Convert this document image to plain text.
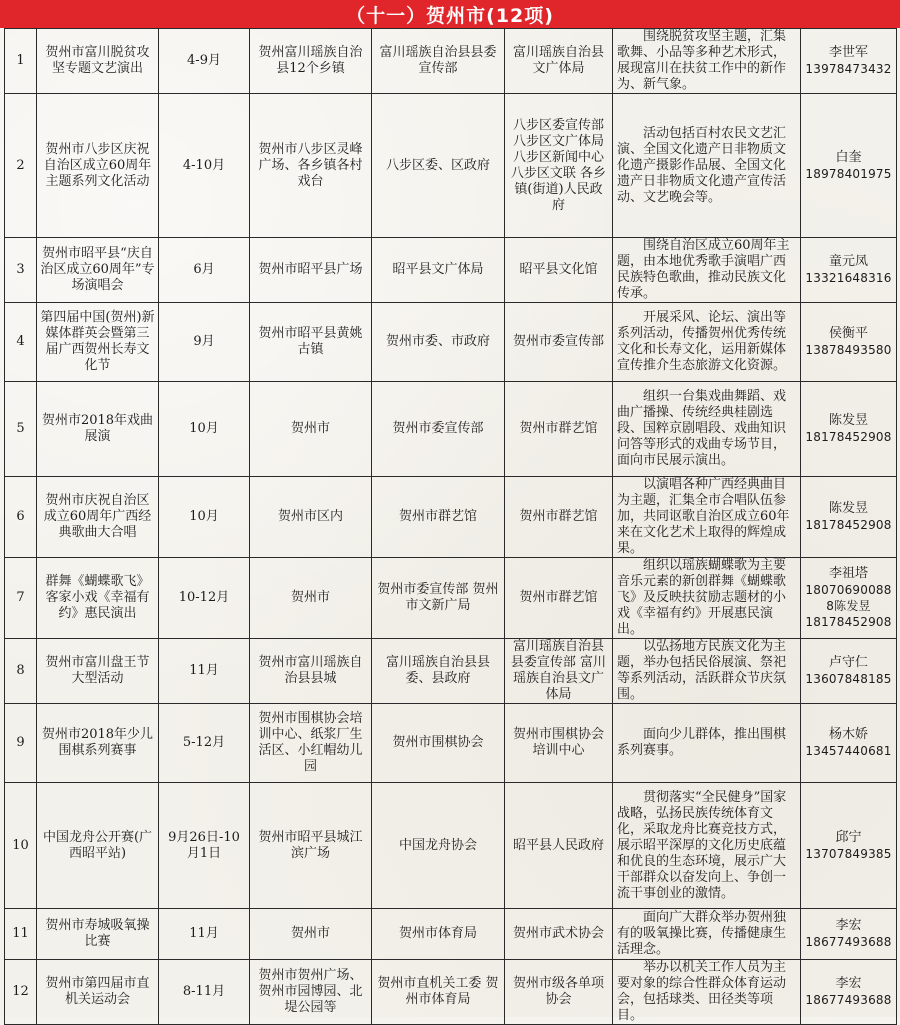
（十一）贺州市(12项)
1	贺州市富川脱贫攻坚专题文艺演出	4-9月	贺州富川瑶族自治县12个乡镇	富川瑶族自治县县委宣传部	富川瑶族自治县文广体局	围绕脱贫攻坚主题，汇集歌舞、小品等多种艺术形式，展现富川在扶贫工作中的新作为、新气象。	李世军
13978473432

2	贺州市八步区庆祝自治区成立60周年主题系列文化活动	4-10月	贺州市八步区灵峰广场、各乡镇各村戏台	八步区委、区政府	八步区委宣传部 八步区文广体局 八步区新闻中心 八步区文联 各乡镇(街道)人民政府	活动包括百村农民文艺汇演、全国文化遗产日非物质文化遗产摄影作品展、全国文化遗产日非物质文化遗产宣传活动、文艺晚会等。	白奎
18978401975

3	贺州市昭平县“庆自治区成立60周年”专场演唱会	6月	贺州市昭平县广场	昭平县文广体局	昭平县文化馆	围绕自治区成立60周年主题，由本地优秀歌手演唱广西民族特色歌曲，推动民族文化传承。	童元凤
13321648316

4	第四届中国(贺州)新媒体群英会暨第三届广西贺州长寿文化节	9月	贺州市昭平县黄姚古镇	贺州市委、市政府	贺州市委宣传部	开展采风、论坛、演出等系列活动，传播贺州优秀传统文化和长寿文化，运用新媒体宣传推介生态旅游文化资源。	侯衡平
13878493580

5	贺州市2018年戏曲展演	10月	贺州市	贺州市委宣传部	贺州市群艺馆	组织一台集戏曲舞蹈、戏曲广播操、传统经典桂剧选段、国粹京剧唱段、戏曲知识问答等形式的戏曲专场节目，面向市民展示演出。	陈发昱
18178452908

6	贺州市庆祝自治区成立60周年广西经典歌曲大合唱	10月	贺州市区内	贺州市群艺馆	贺州市群艺馆	以演唱各种广西经典曲目为主题，汇集全市合唱队伍参加，共同讴歌自治区成立60年来在文化艺术上取得的辉煌成果。	陈发昱
18178452908

7	群舞《蝴蝶歌飞》客家小戏《幸福有约》惠民演出	10-12月	贺州市	贺州市委宣传部 贺州市文新广局	贺州市群艺馆	组织以瑶族蝴蝶歌为主要音乐元素的新创群舞《蝴蝶歌飞》及反映扶贫励志题材的小戏《幸福有约》开展惠民演出。	李祖塔
18070690088
8陈发昱
18178452908

8	贺州市富川盘王节大型活动	11月	贺州市富川瑶族自治县县城	富川瑶族自治县县委、县政府	富川瑶族自治县县委宣传部 富川瑶族自治县文广体局	以弘扬地方民族文化为主题，举办包括民俗展演、祭祀等系列活动，活跃群众节庆氛围。	卢守仁
13607848185

9	贺州市2018年少儿围棋系列赛事	5-12月	贺州市围棋协会培训中心、纸浆厂生活区、小红帽幼儿园	贺州市围棋协会	贺州市围棋协会培训中心	面向少儿群体，推出围棋系列赛事。	杨木娇
13457440681

10	中国龙舟公开赛(广西昭平站)	9月26日-10月1日	贺州市昭平县城江滨广场	中国龙舟协会	昭平县人民政府	贯彻落实“全民健身”国家战略，弘扬民族传统体育文化，采取龙舟比赛竞技方式，展示昭平深厚的文化历史底蕴和优良的生态环境，展示广大干部群众以奋发向上、争创一流干事创业的激情。	邱宁
13707849385

11	贺州市寿城吸氧操比赛	11月	贺州市	贺州市体育局	贺州市武术协会	面向广大群众举办贺州独有的吸氧操比赛，传播健康生活理念。	李宏
18677493688

12	贺州市第四届市直机关运动会	8-11月	贺州市贺州广场、贺州市园博园、北堤公园等	贺州市直机关工委 贺州市体育局	贺州市级各单项协会	举办以机关工作人员为主要对象的综合性群众体育运动会，包括球类、田径类等项目。	李宏
18677493688
